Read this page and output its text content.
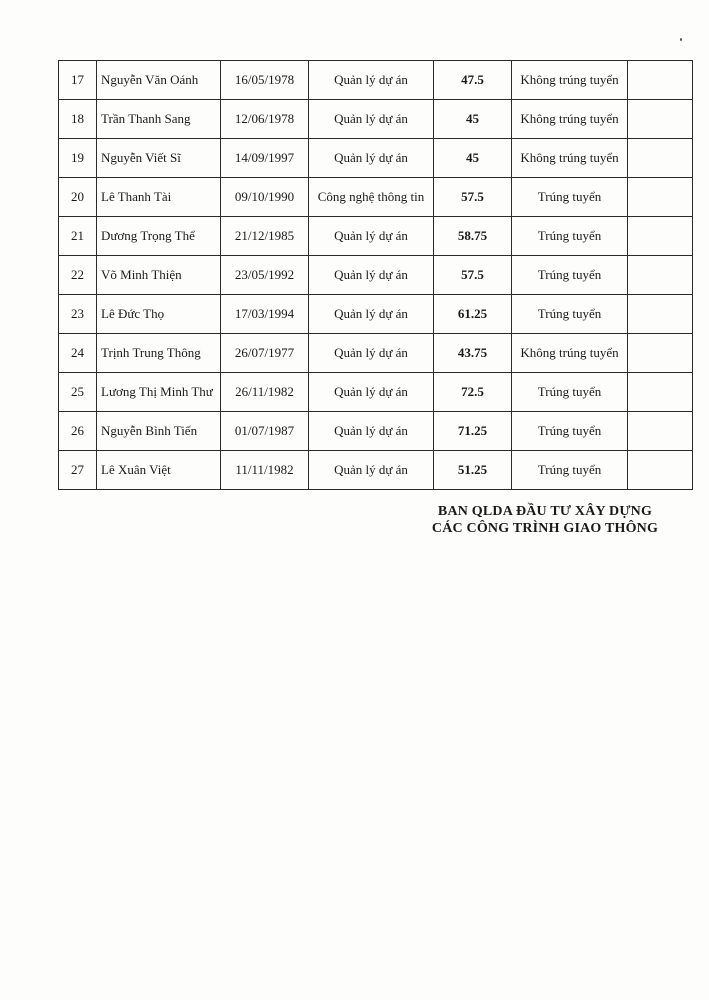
17	Nguyễn Văn Oánh	16/05/1978	Quản lý dự án	47.5	Không trúng tuyển	
18	Trần Thanh Sang	12/06/1978	Quản lý dự án	45	Không trúng tuyển	
19	Nguyễn Viết Sĩ	14/09/1997	Quản lý dự án	45	Không trúng tuyển	
20	Lê Thanh Tài	09/10/1990	Công nghệ thông tin	57.5	Trúng tuyển	
21	Dương Trọng Thể	21/12/1985	Quản lý dự án	58.75	Trúng tuyển	
22	Võ Minh Thiện	23/05/1992	Quản lý dự án	57.5	Trúng tuyển	
23	Lê Đức Thọ	17/03/1994	Quản lý dự án	61.25	Trúng tuyển	
24	Trịnh Trung Thông	26/07/1977	Quản lý dự án	43.75	Không trúng tuyển	
25	Lương Thị Minh Thư	26/11/1982	Quản lý dự án	72.5	Trúng tuyển	
26	Nguyễn Bình Tiến	01/07/1987	Quản lý dự án	71.25	Trúng tuyển	
27	Lê Xuân Việt	11/11/1982	Quản lý dự án	51.25	Trúng tuyển	
BAN QLDA ĐẦU TƯ XÂY DỰNG
CÁC CÔNG TRÌNH GIAO THÔNG
